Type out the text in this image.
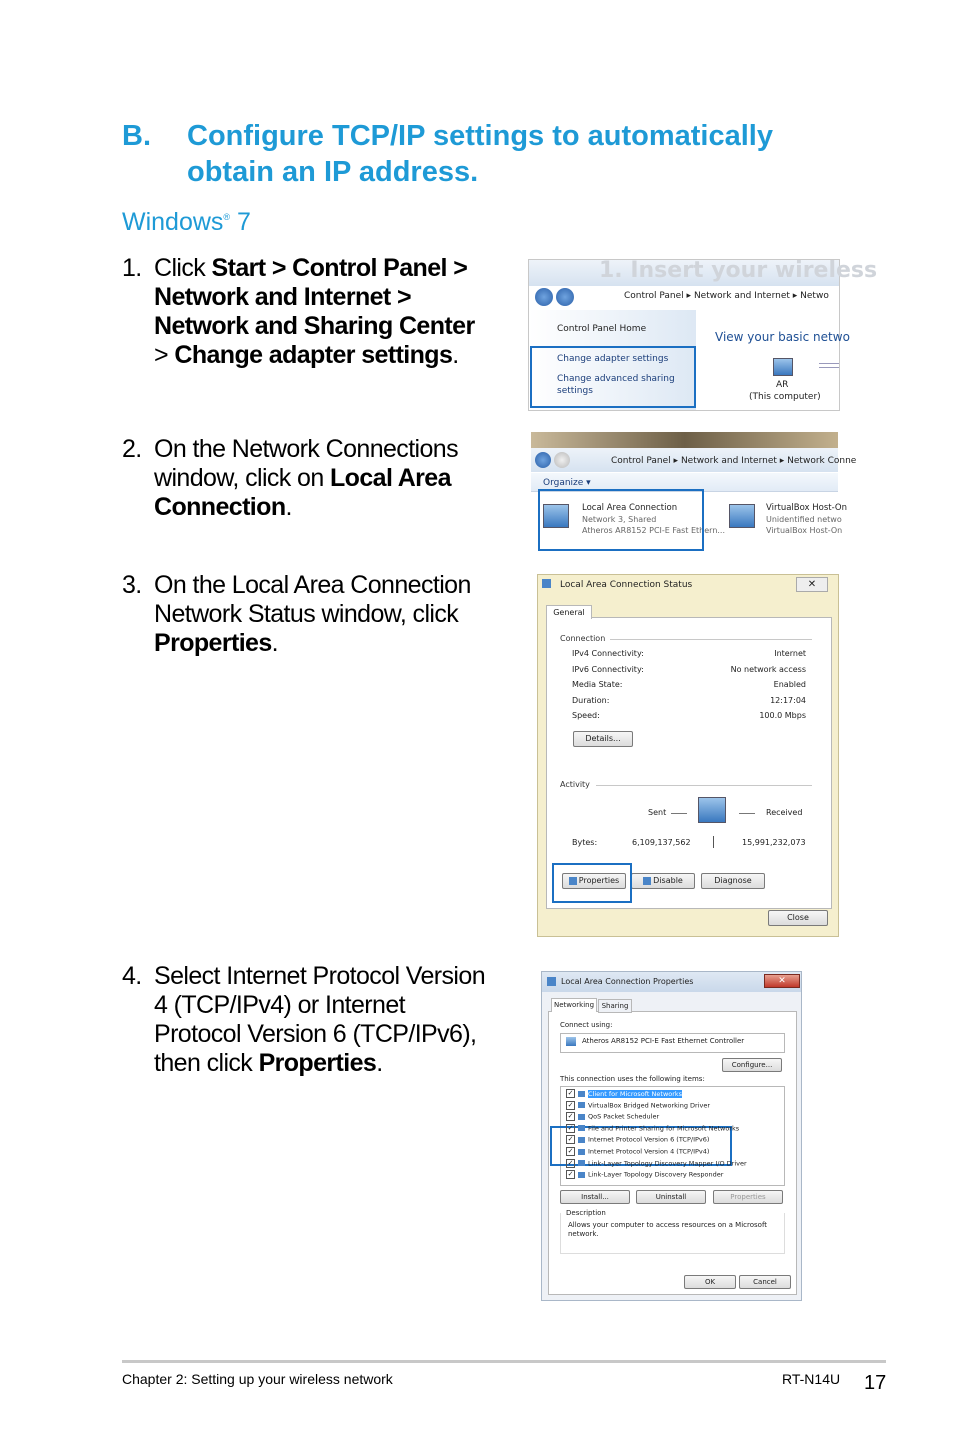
B. Configure TCP/IP settings to automatically obtain an IP address.
Windows® 7
1. Click Start > Control Panel > Network and Internet > Network and Sharing Center > Change adapter settings.
2. On the Network Connections window, click on Local Area Connection.
3. On the Local Area Connection Network Status window, click Properties.
4. Select Internet Protocol Version 4 (TCP/IPv4) or Internet Protocol Version 6 (TCP/IPv6), then click Properties.
1. Insert your wireless
Control Panel ▸ Network and Internet ▸ Netwo
Control Panel Home
Change adapter settings
Change advanced sharing settings
View your basic netwo
AR
(This computer)
Control Panel ▸ Network and Internet ▸ Network Conne
Organize ▾
Local Area Connection
Network 3, Shared
Atheros AR8152 PCI-E Fast Ethern...
VirtualBox Host-On
Unidentified netwo
VirtualBox Host-On
Local Area Connection Status	✕
General
Connection
Details...
Activity
Sent	Received
Bytes:	6,109,137,562	15,991,232,073
Properties	Disable	Diagnose
Close
IPv4 Connectivity:	Internet
IPv6 Connectivity:	No network access
Media State:	Enabled
Duration:	12:17:04
Speed:	100.0 Mbps
Local Area Connection Properties	✕
Networking	Sharing
Connect using:
Atheros AR8152 PCI-E Fast Ethernet Controller
Configure...
This connection uses the following items:
Install...	Uninstall	Properties
Description
Allows your computer to access resources on a Microsoft network.
OK	Cancel
✓ Client for Microsoft Networks
✓ VirtualBox Bridged Networking Driver
✓ QoS Packet Scheduler
✓ File and Printer Sharing for Microsoft Networks
✓ Internet Protocol Version 6 (TCP/IPv6)
✓ Internet Protocol Version 4 (TCP/IPv4)
✓ Link-Layer Topology Discovery Mapper I/O Driver
✓ Link-Layer Topology Discovery Responder
Chapter 2: Setting up your wireless network	RT-N14U 17
